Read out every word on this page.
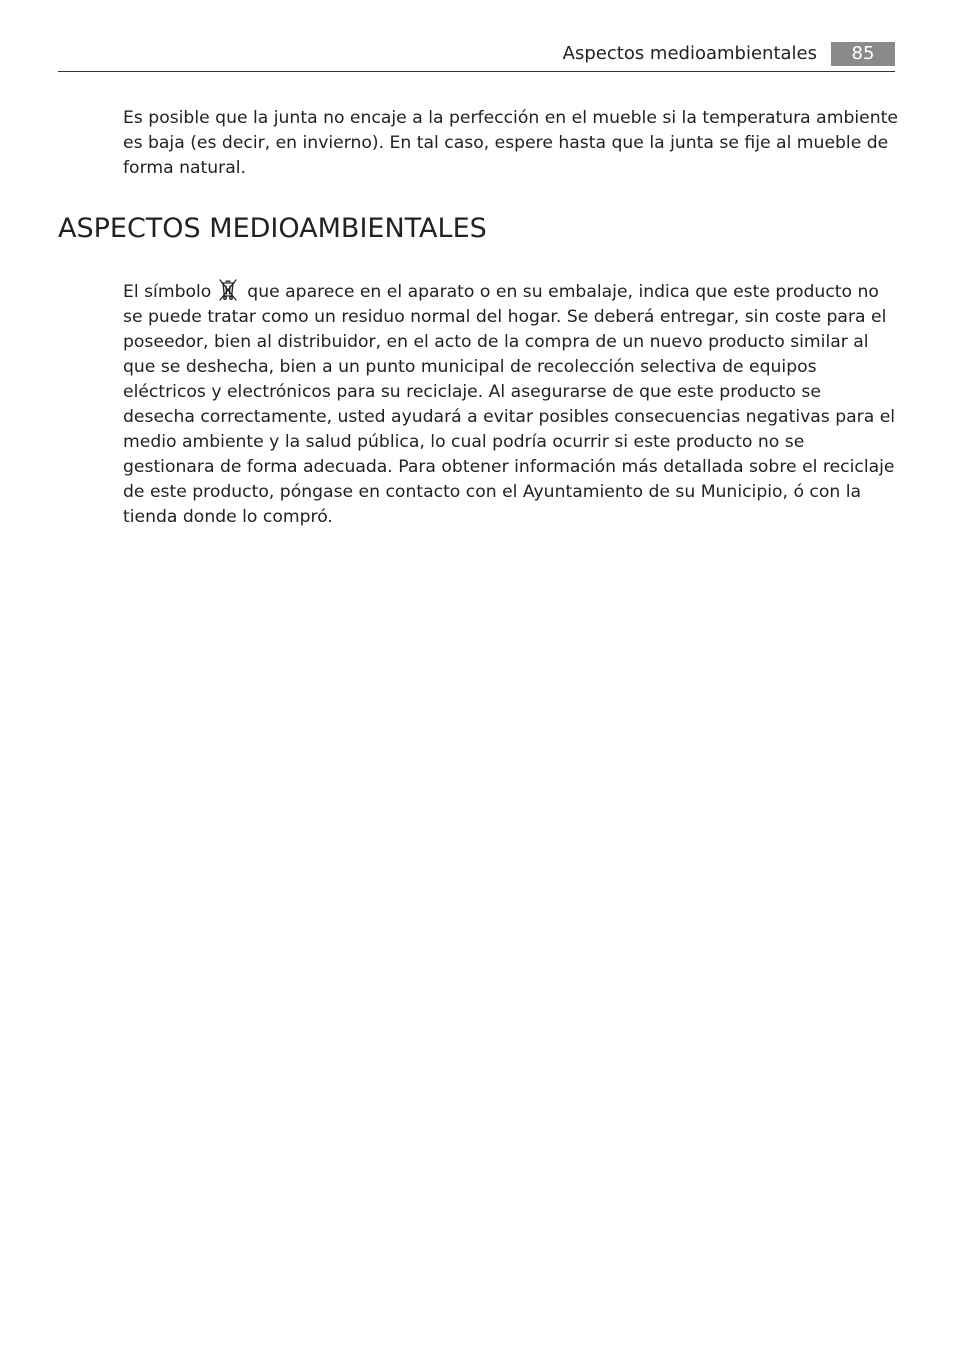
Aspectos medioambientales	85

Es posible que la junta no encaje a la perfección en el mueble si la temperatura ambiente es baja (es decir, en invierno). En tal caso, espere hasta que la junta se fije al mueble de forma natural.

ASPECTOS MEDIOAMBIENTALES

El símbolo que aparece en el aparato o en su embalaje, indica que este producto no se puede tratar como un residuo normal del hogar. Se deberá entregar, sin coste para el poseedor, bien al distribuidor, en el acto de la compra de un nuevo producto similar al que se deshecha, bien a un punto municipal de recolección selectiva de equipos eléctricos y electrónicos para su reciclaje. Al asegurarse de que este producto se desecha correctamente, usted ayudará a evitar posibles consecuencias negativas para el medio ambiente y la salud pública, lo cual podría ocurrir si este producto no se gestionara de forma adecuada. Para obtener información más detallada sobre el reciclaje de este producto, póngase en contacto con el Ayuntamiento de su Municipio, ó con la tienda donde lo compró.
